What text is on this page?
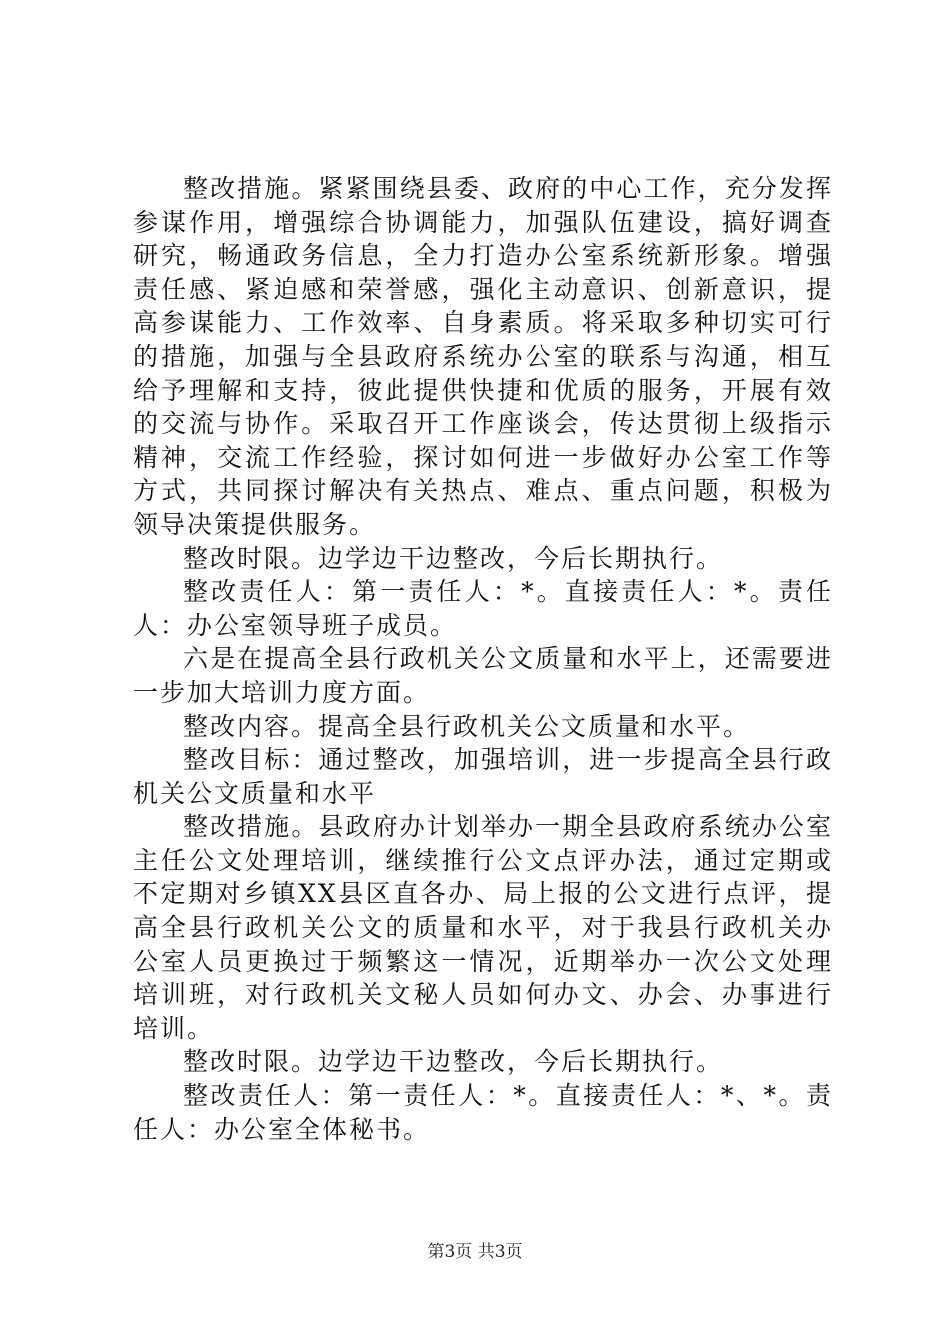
整改措施。紧紧围绕县委、政府的中心工作，充分发挥参谋作用，增强综合协调能力，加强队伍建设，搞好调查研究，畅通政务信息，全力打造办公室系统新形象。增强责任感、紧迫感和荣誉感，强化主动意识、创新意识，提高参谋能力、工作效率、自身素质。将采取多种切实可行的措施，加强与全县政府系统办公室的联系与沟通，相互给予理解和支持，彼此提供快捷和优质的服务，开展有效的交流与协作。采取召开工作座谈会，传达贯彻上级指示精神，交流工作经验，探讨如何进一步做好办公室工作等方式，共同探讨解决有关热点、难点、重点问题，积极为领导决策提供服务。

整改时限。边学边干边整改，今后长期执行。

整改责任人：第一责任人：*。直接责任人：*。责任人：办公室领导班子成员。

六是在提高全县行政机关公文质量和水平上，还需要进一步加大培训力度方面。

整改内容。提高全县行政机关公文质量和水平。

整改目标：通过整改，加强培训，进一步提高全县行政机关公文质量和水平

整改措施。县政府办计划举办一期全县政府系统办公室主任公文处理培训，继续推行公文点评办法，通过定期或不定期对乡镇XX县区直各办、局上报的公文进行点评，提高全县行政机关公文的质量和水平，对于我县行政机关办公室人员更换过于频繁这一情况，近期举办一次公文处理培训班，对行政机关文秘人员如何办文、办会、办事进行培训。

整改时限。边学边干边整改，今后长期执行。

整改责任人：第一责任人：*。直接责任人：*、*。责任人：办公室全体秘书。

第3页 共3页
